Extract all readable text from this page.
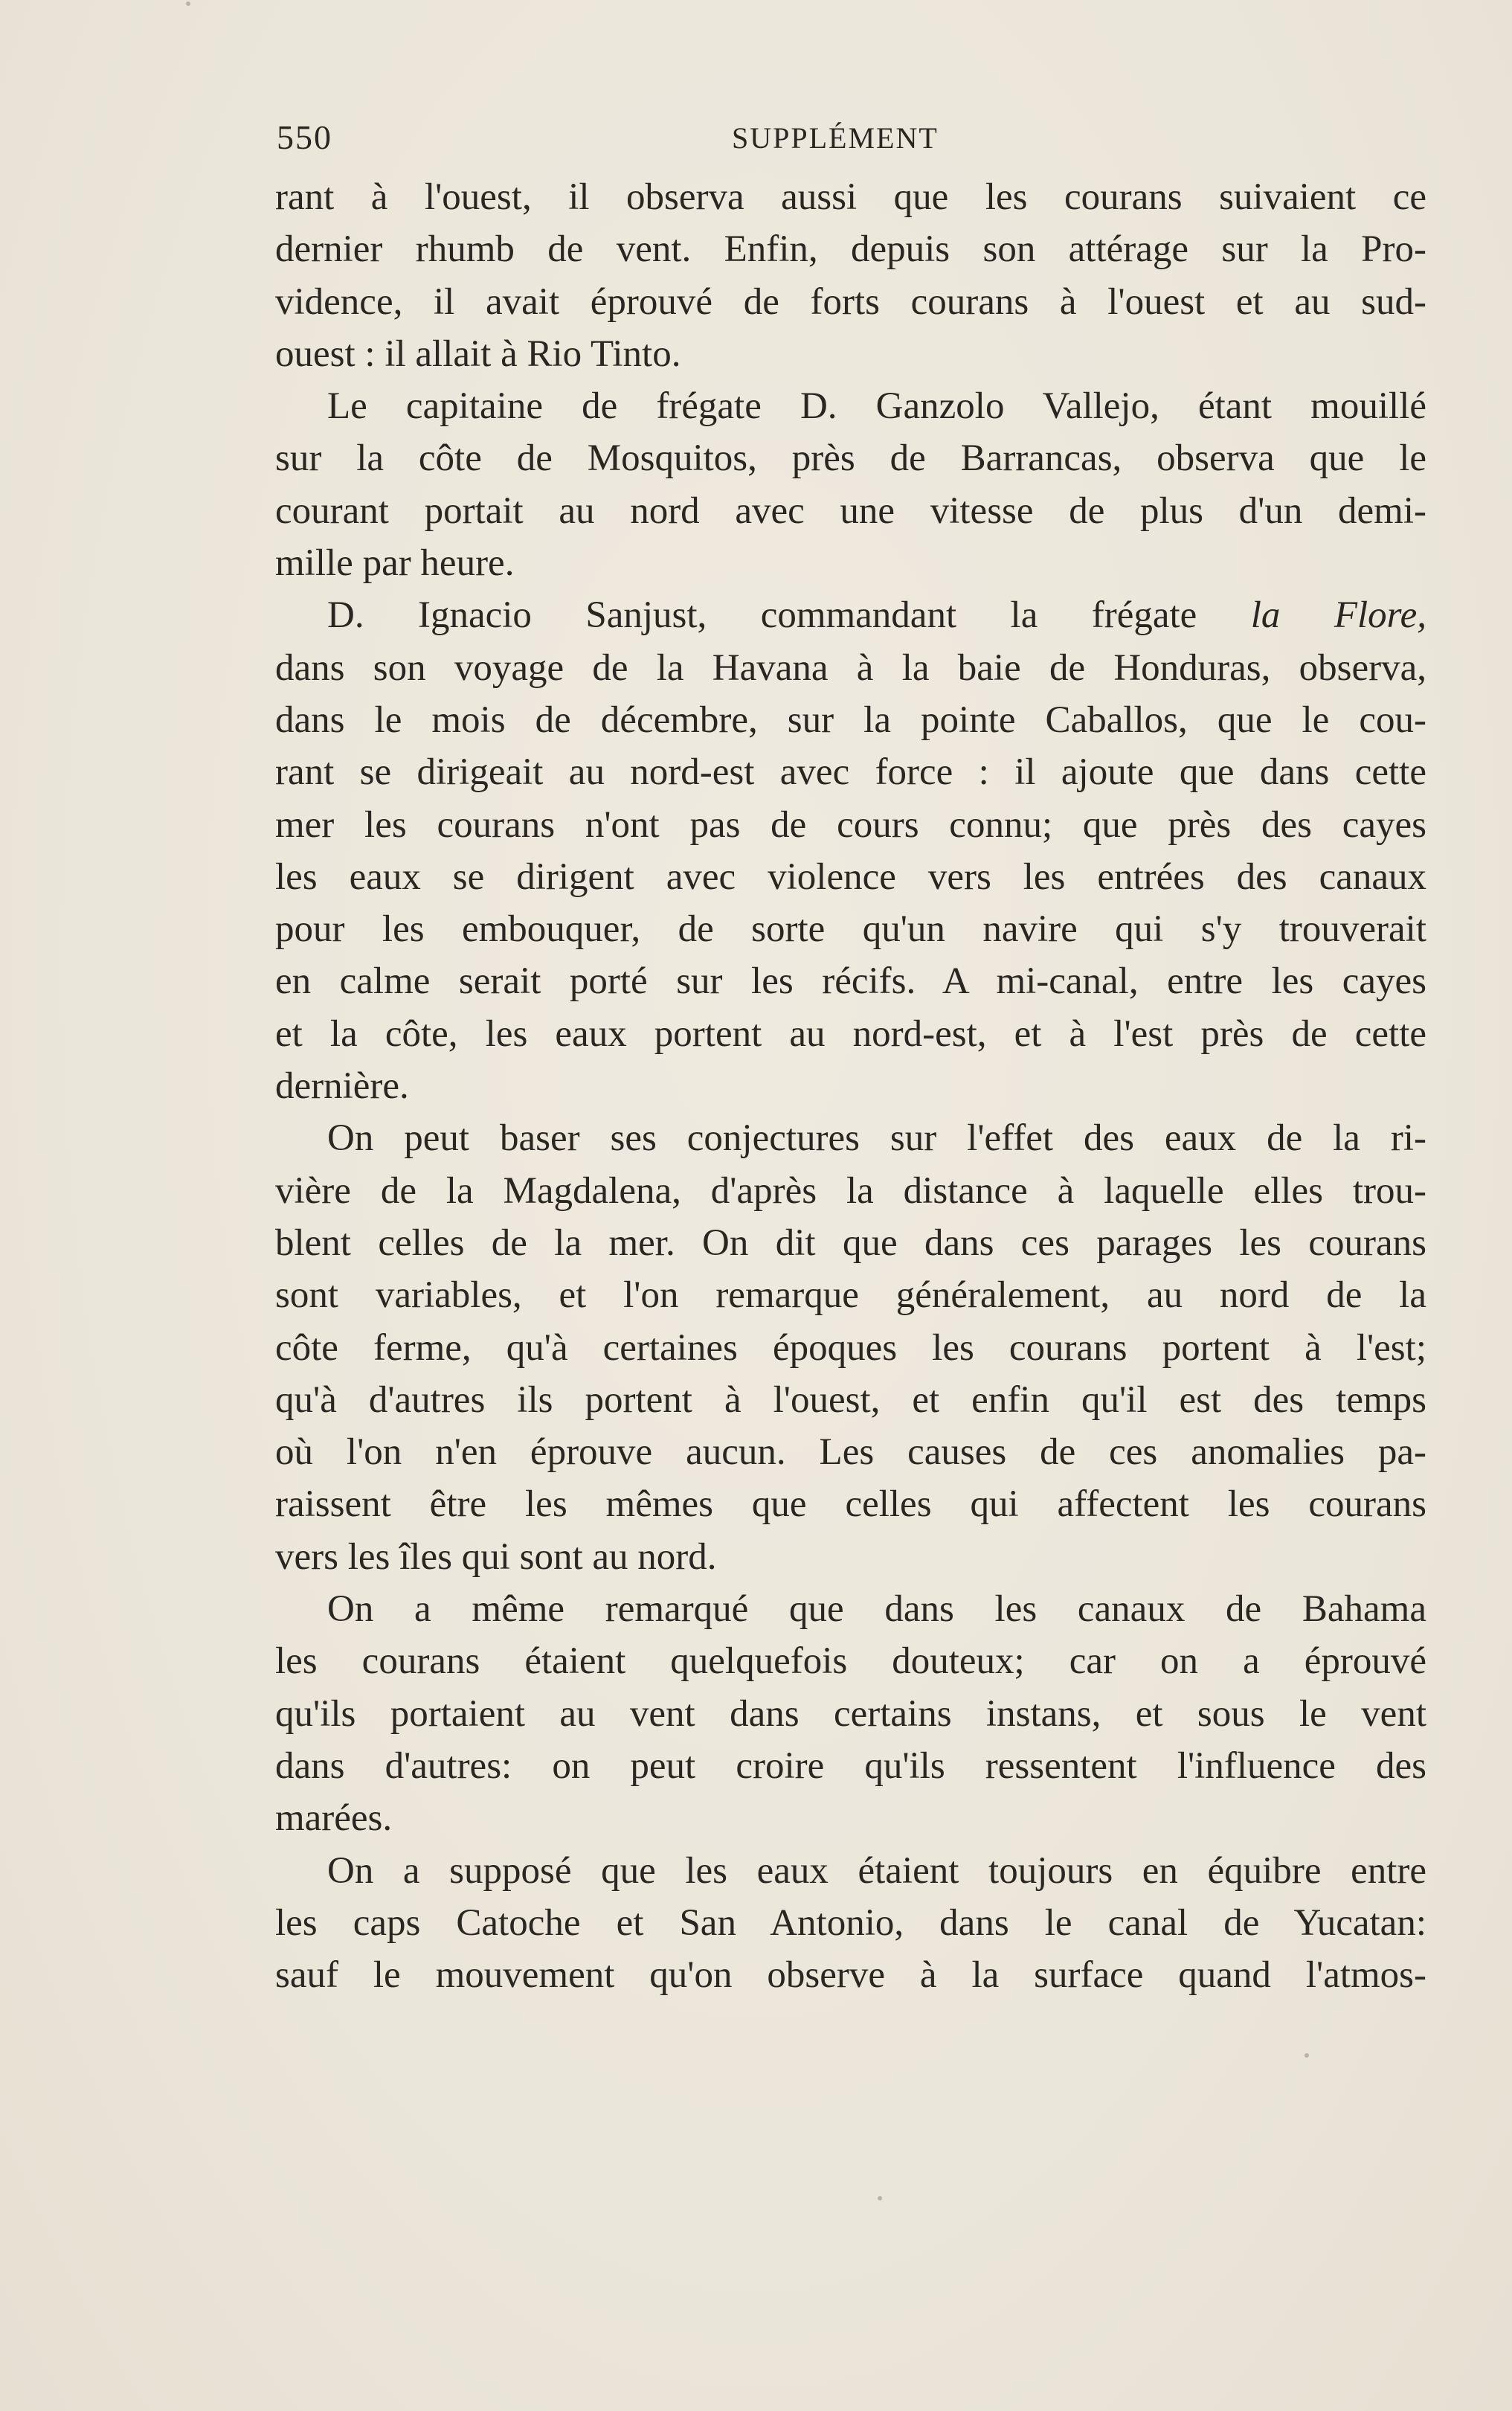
550	SUPPLÉMENT
rant à l'ouest, il observa aussi que les courans suivaient ce
dernier rhumb de vent. Enfin, depuis son attérage sur la Pro-
vidence, il avait éprouvé de forts courans à l'ouest et au sud-
ouest : il allait à Rio Tinto.
Le capitaine de frégate D. Ganzolo Vallejo, étant mouillé
sur la côte de Mosquitos, près de Barrancas, observa que le
courant portait au nord avec une vitesse de plus d'un demi-
mille par heure.
D. Ignacio Sanjust, commandant la frégate la Flore,
dans son voyage de la Havana à la baie de Honduras, observa,
dans le mois de décembre, sur la pointe Caballos, que le cou-
rant se dirigeait au nord-est avec force : il ajoute que dans cette
mer les courans n'ont pas de cours connu; que près des cayes
les eaux se dirigent avec violence vers les entrées des canaux
pour les embouquer, de sorte qu'un navire qui s'y trouverait
en calme serait porté sur les récifs. A mi-canal, entre les cayes
et la côte, les eaux portent au nord-est, et à l'est près de cette
dernière.
On peut baser ses conjectures sur l'effet des eaux de la ri-
vière de la Magdalena, d'après la distance à laquelle elles trou-
blent celles de la mer. On dit que dans ces parages les courans
sont variables, et l'on remarque généralement, au nord de la
côte ferme, qu'à certaines époques les courans portent à l'est;
qu'à d'autres ils portent à l'ouest, et enfin qu'il est des temps
où l'on n'en éprouve aucun. Les causes de ces anomalies pa-
raissent être les mêmes que celles qui affectent les courans
vers les îles qui sont au nord.
On a même remarqué que dans les canaux de Bahama
les courans étaient quelquefois douteux; car on a éprouvé
qu'ils portaient au vent dans certains instans, et sous le vent
dans d'autres: on peut croire qu'ils ressentent l'influence des
marées.
On a supposé que les eaux étaient toujours en équibre entre
les caps Catoche et San Antonio, dans le canal de Yucatan:
sauf le mouvement qu'on observe à la surface quand l'atmos-
